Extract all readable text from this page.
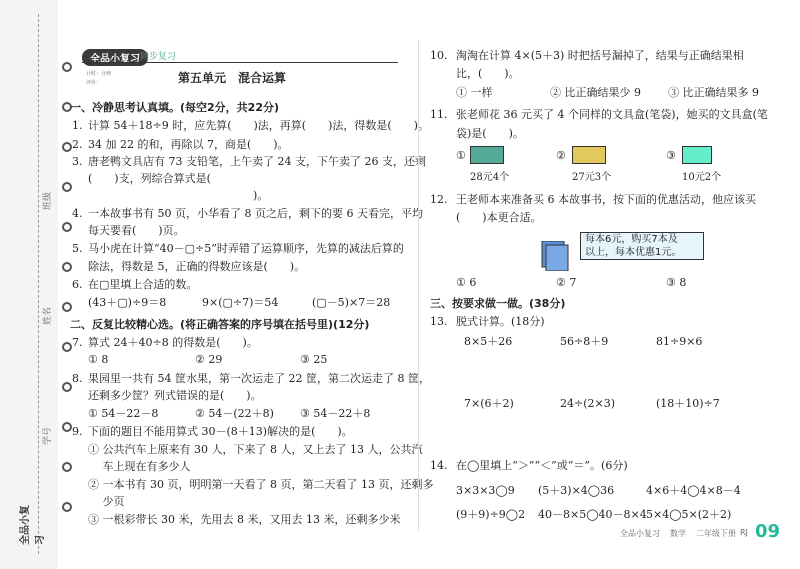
班级
姓名
学号
全品小复习
全品小复习 同步复习
计时：分钟
评价：	第五单元　混合运算
一、冷静思考认真填。(每空2分，共22分)
1. 计算 54＋18÷9 时，应先算(　　)法，再算(　　)法，得数是(　　)。
2. 34 加 22 的和，再除以 7，商是(　　)。
3. 唐老鸭文具店有 73 支铅笔，上午卖了 24 支，下午卖了 26 支，还剩
(　　)支，列综合算式是(　　　　　　　　　　　　　　　　　　
　　　　　　　　　　　　　　　)。
4. 一本故事书有 50 页，小华看了 8 页之后，剩下的要 6 天看完，平均
每天要看(　　)页。
5. 马小虎在计算“40－▢÷5”时弄错了运算顺序，先算的减法后算的
除法，得数是 5，正确的得数应该是(　　)。
6. 在▢里填上合适的数。
(43＋▢)÷9＝8	9×(▢÷7)＝54	(▢－5)×7＝28
二、反复比较精心选。(将正确答案的序号填在括号里)(12分)
7. 算式 24＋40÷8 的得数是(　　)。
① 8	② 29	③ 25
8. 果园里一共有 54 筐水果，第一次运走了 22 筐，第二次运走了 8 筐，
还剩多少筐？列式错误的是(　　)。
① 54－22－8	② 54－(22＋8) ③ 54－22＋8
9. 下面的题目不能用算式 30－(8＋13)解决的是(　　)。
① 公共汽车上原来有 30 人，下来了 8 人，又上去了 13 人，公共汽
　 车上现在有多少人
② 一本书有 30 页，明明第一天看了 8 页，第二天看了 13 页，还剩多
　 少页
③ 一根彩带长 30 米，先用去 8 米，又用去 13 米，还剩多少米
10. 淘淘在计算 4×(5＋3) 时把括号漏掉了，结果与正确结果相
比，(　　)。
① 一样	② 比正确结果少 9 ③ 比正确结果多 9
11. 张老师花 36 元买了 4 个同样的文具盒(笔袋)，她买的文具盒(笔
袋)是(　　)。
①
28元4个
②
27元3个
③
10元2个
12. 王老师本来准备买 6 本故事书，按下面的优惠活动，他应该买
(　　)本更合适。
每本6元，购买7本及
以上，每本优惠1元。
① 6	② 7	③ 8
三、按要求做一做。(38分)
13. 脱式计算。(18分)
8×5＋26	56÷8＋9	81÷9×6
7×(6＋2)	24÷(2×3)	(18＋10)÷7
14. 在◯里填上“＞”“＜”或“＝”。(6分)
3×3×3◯9 (5＋3)×4◯36	4×6＋4◯4×8－4
(9＋9)÷9◯2 40－8×5◯40－8×4 5×4◯5×(2＋2)
全品小复习 数学 二年级下册 RJ 09
